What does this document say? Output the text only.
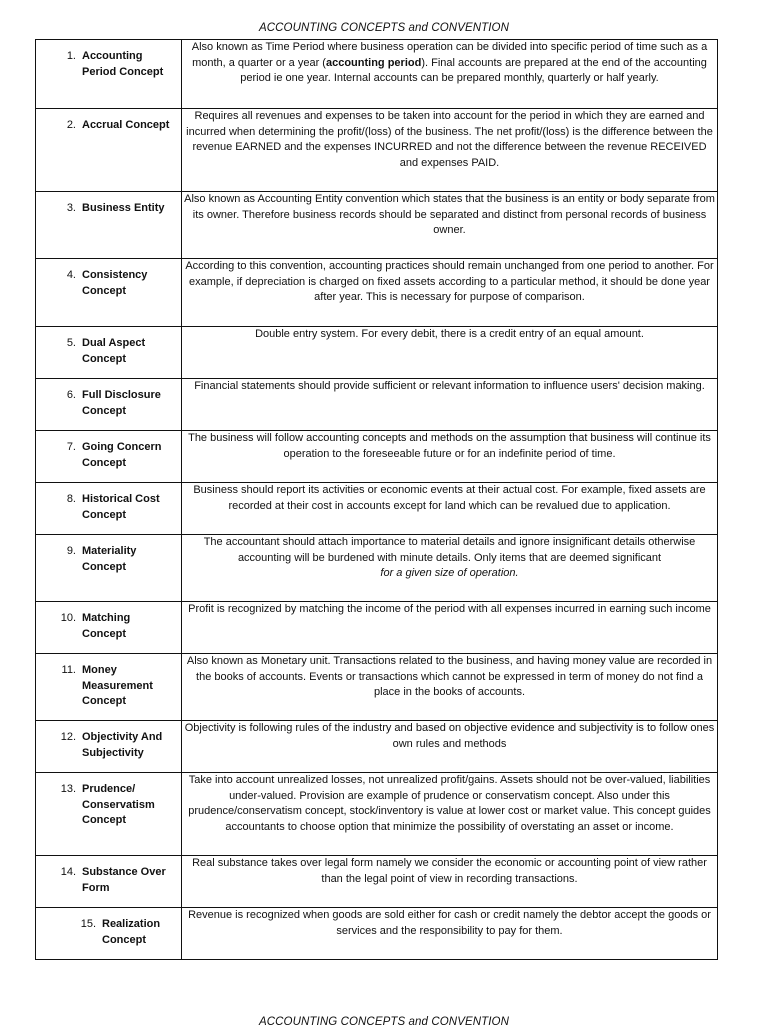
ACCOUNTING CONCEPTS and CONVENTION
1. Accounting Period Concept	Also known as Time Period where business operation can be divided into specific period of time such as a month, a quarter or a year (accounting period). Final accounts are prepared at the end of the accounting period ie one year. Internal accounts can be prepared monthly, quarterly or half yearly.

2. Accrual Concept	Requires all revenues and expenses to be taken into account for the period in which they are earned and incurred when determining the profit/(loss) of the business. The net profit/(loss) is the difference between the revenue EARNED and the expenses INCURRED and not the difference between the revenue RECEIVED and expenses PAID.

3. Business Entity	Also known as Accounting Entity convention which states that the business is an entity or body separate from its owner. Therefore business records should be separated and distinct from personal records of business owner.

4. Consistency Concept	According to this convention, accounting practices should remain unchanged from one period to another. For example, if depreciation is charged on fixed assets according to a particular method, it should be done year after year. This is necessary for purpose of comparison.

5. Dual Aspect Concept	Double entry system. For every debit, there is a credit entry of an equal amount.

6. Full Disclosure Concept	Financial statements should provide sufficient or relevant information to influence users' decision making.

7. Going Concern Concept	The business will follow accounting concepts and methods on the assumption that business will continue its operation to the foreseeable future or for an indefinite period of time.

8. Historical Cost Concept	Business should report its activities or economic events at their actual cost. For example, fixed assets are recorded at their cost in accounts except for land which can be revalued due to application.

9. Materiality Concept	The accountant should attach importance to material details and ignore insignificant details otherwise accounting will be burdened with minute details. Only items that are deemed significant
for a given size of operation.

10. Matching Concept	Profit is recognized by matching the income of the period with all expenses incurred in earning such income

11. Money Measurement Concept	Also known as Monetary unit. Transactions related to the business, and having money value are recorded in the books of accounts. Events or transactions which cannot be expressed in term of money do not find a place in the books of accounts.

12. Objectivity And Subjectivity	Objectivity is following rules of the industry and based on objective evidence and subjectivity is to follow ones own rules and methods

13. Prudence/ Conservatism Concept	Take into account unrealized losses, not unrealized profit/gains. Assets should not be over-valued, liabilities under-valued. Provision are example of prudence or conservatism concept. Also under this prudence/conservatism concept, stock/inventory is value at lower cost or market value. This concept guides accountants to choose option that minimize the possibility of overstating an asset or income.

14. Substance Over Form	Real substance takes over legal form namely we consider the economic or accounting point of view rather than the legal point of view in recording transactions.

15. Realization Concept	Revenue is recognized when goods are sold either for cash or credit namely the debtor accept the goods or services and the responsibility to pay for them.
ACCOUNTING CONCEPTS and CONVENTION
